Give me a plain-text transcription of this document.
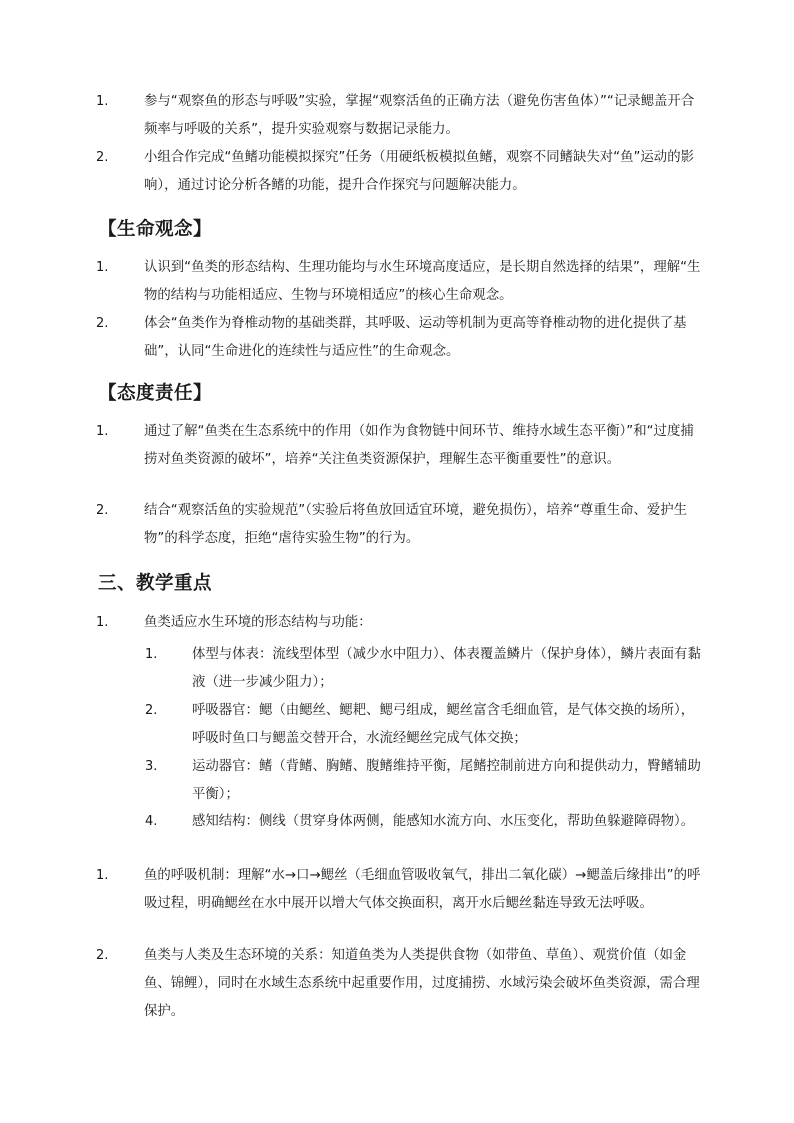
1.	参与“观察鱼的形态与呼吸”实验，掌握“观察活鱼的正确方法（避免伤害鱼体）”“记录鳃盖开合频率与呼吸的关系”，提升实验观察与数据记录能力。
2.	小组合作完成“鱼鳍功能模拟探究”任务（用硬纸板模拟鱼鳍，观察不同鳍缺失对“鱼”运动的影响），通过讨论分析各鳍的功能，提升合作探究与问题解决能力。
【生命观念】
1.	认识到“鱼类的形态结构、生理功能均与水生环境高度适应，是长期自然选择的结果”，理解“生物的结构与功能相适应、生物与环境相适应”的核心生命观念。
2.	体会“鱼类作为脊椎动物的基础类群，其呼吸、运动等机制为更高等脊椎动物的进化提供了基础”，认同“生命进化的连续性与适应性”的生命观念。
【态度责任】
1.	通过了解“鱼类在生态系统中的作用（如作为食物链中间环节、维持水域生态平衡）”和“过度捕捞对鱼类资源的破坏”，培养“关注鱼类资源保护，理解生态平衡重要性”的意识。
2.	结合“观察活鱼的实验规范”（实验后将鱼放回适宜环境，避免损伤），培养“尊重生命、爱护生物”的科学态度，拒绝“虐待实验生物”的行为。
三、教学重点
1.	鱼类适应水生环境的形态结构与功能：
1.	体型与体表：流线型体型（减少水中阻力）、体表覆盖鳞片（保护身体），鳞片表面有黏液（进一步减少阻力）；
2.	呼吸器官：鳃（由鳃丝、鳃耙、鳃弓组成，鳃丝富含毛细血管，是气体交换的场所），呼吸时鱼口与鳃盖交替开合，水流经鳃丝完成气体交换；
3.	运动器官：鳍（背鳍、胸鳍、腹鳍维持平衡，尾鳍控制前进方向和提供动力，臀鳍辅助平衡）；
4.	感知结构：侧线（贯穿身体两侧，能感知水流方向、水压变化，帮助鱼躲避障碍物）。
1.	鱼的呼吸机制：理解“水→口→鳃丝（毛细血管吸收氧气，排出二氧化碳）→鳃盖后缘排出”的呼吸过程，明确鳃丝在水中展开以增大气体交换面积，离开水后鳃丝黏连导致无法呼吸。
2.	鱼类与人类及生态环境的关系：知道鱼类为人类提供食物（如带鱼、草鱼）、观赏价值（如金鱼、锦鲤），同时在水域生态系统中起重要作用，过度捕捞、水域污染会破坏鱼类资源，需合理保护。
